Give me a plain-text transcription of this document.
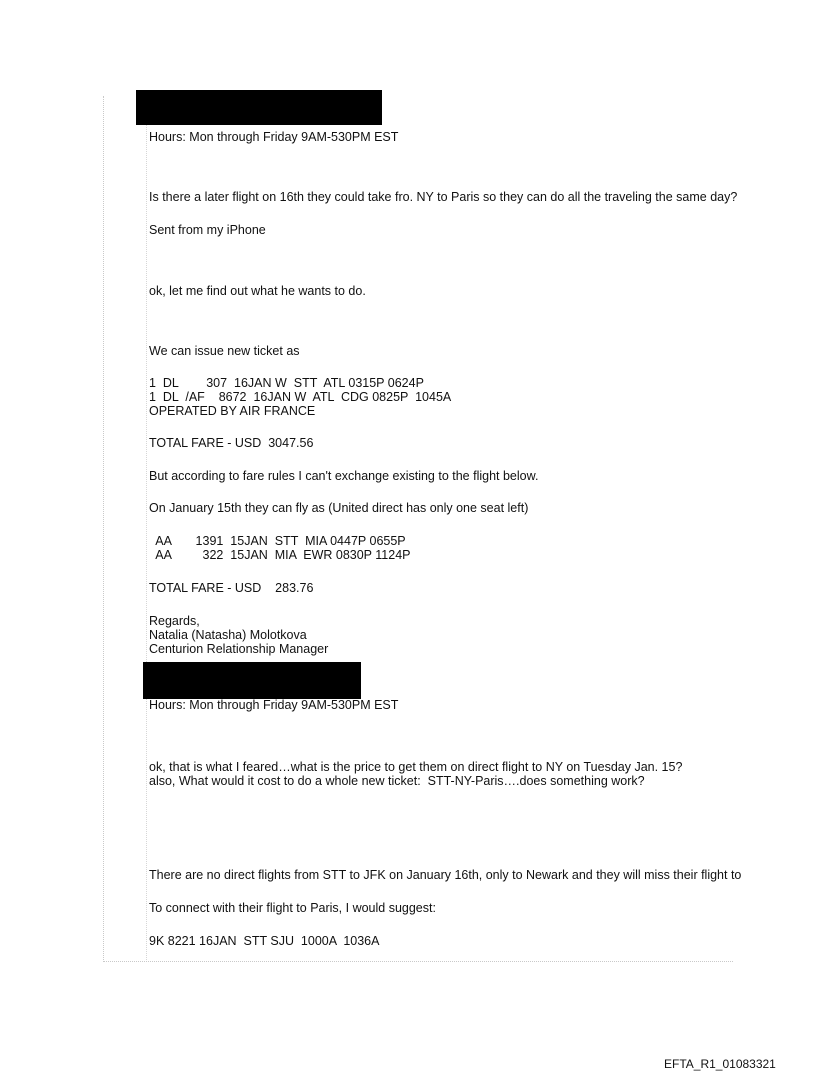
Hours: Mon through Friday 9AM-530PM EST
Is there a later flight on 16th they could take fro. NY to Paris so they can do all the traveling the same day?
Sent from my iPhone
ok, let me find out what he wants to do.
We can issue new ticket as
1  DL        307  16JAN W  STT  ATL 0315P 0624P
1  DL  /AF    8672  16JAN W  ATL  CDG 0825P  1045A
OPERATED BY AIR FRANCE
TOTAL FARE - USD  3047.56
But according to fare rules I can't exchange existing to the flight below.
On January 15th they can fly as (United direct has only one seat left)
AA       1391  15JAN  STT  MIA 0447P 0655P
AA         322  15JAN  MIA  EWR 0830P 1124P
TOTAL FARE - USD    283.76
Regards,
Natalia (Natasha) Molotkova
Centurion Relationship Manager
Hours: Mon through Friday 9AM-530PM EST
ok, that is what I feared…what is the price to get them on direct flight to NY on Tuesday Jan. 15?
also, What would it cost to do a whole new ticket:  STT-NY-Paris….does something work?
There are no direct flights from STT to JFK on January 16th, only to Newark and they will miss their flight to
To connect with their flight to Paris, I would suggest:
9K 8221 16JAN  STT SJU  1000A  1036A
EFTA_R1_01083321
